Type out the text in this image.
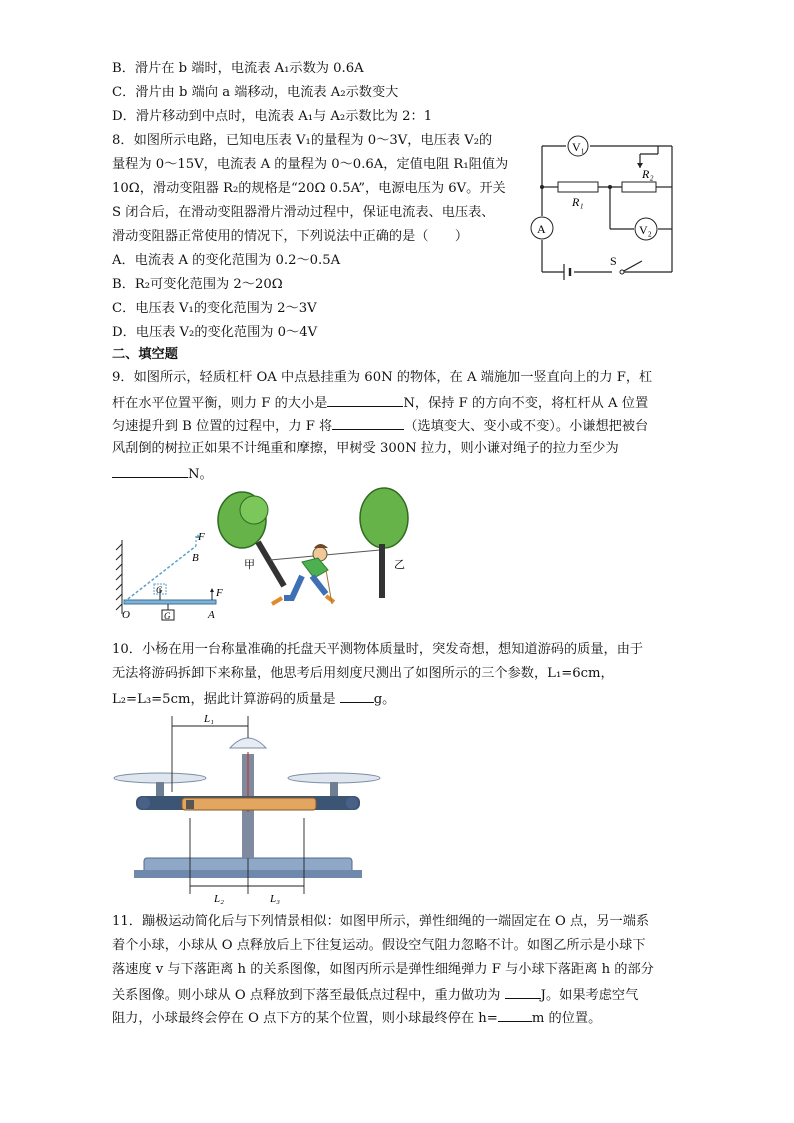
B．滑片在 b 端时，电流表 A₁示数为 0.6A
C．滑片由 b 端向 a 端移动，电流表 A₂示数变大
D．滑片移动到中点时，电流表 A₁与 A₂示数比为 2：1
8．如图所示电路，已知电压表 V₁的量程为 0～3V，电压表 V₂的
量程为 0～15V，电流表 A 的量程为 0～0.6A，定值电阻 R₁阻值为
10Ω，滑动变阻器 R₂的规格是“20Ω 0.5A”，电源电压为 6V。开关
S 闭合后，在滑动变阻器滑片滑动过程中，保证电流表、电压表、
滑动变阻器正常使用的情况下，下列说法中正确的是（　　）
A．电流表 A 的变化范围为 0.2～0.5A
B．R₂可变化范围为 2～20Ω
C．电压表 V₁的变化范围为 2～3V
D．电压表 V₂的变化范围为 0～4V
V₁
A	V₂
R₁
R₂
S
二、填空题
9．如图所示，轻质杠杆 OA 中点悬挂重为 60N 的物体，在 A 端施加一竖直向上的力 F，杠
杆在水平位置平衡，则力 F 的大小是	N，保持 F 的方向不变，将杠杆从 A 位置
匀速提升到 B 位置的过程中，力 F 将	（选填变大、变小或不变）。小谦想把被台
风刮倒的树拉正如果不计绳重和摩擦，甲树受 300N 拉力，则小谦对绳子的拉力至少为
N。
F
B
G
O	A
F
G
甲	乙
10．小杨在用一台称量准确的托盘天平测物体质量时，突发奇想，想知道游码的质量，由于
无法将游码拆卸下来称量，他思考后用刻度尺测出了如图所示的三个参数，L₁=6cm，
L₂=L₃=5cm，据此计算游码的质量是	g。
L₁
L₂	L₃
11．蹦极运动简化后与下列情景相似：如图甲所示，弹性细绳的一端固定在 O 点，另一端系
着个小球，小球从 O 点释放后上下往复运动。假设空气阻力忽略不计。如图乙所示是小球下
落速度 v 与下落距离 h 的关系图像，如图丙所示是弹性细绳弹力 F 与小球下落距离 h 的部分
关系图像。则小球从 O 点释放到下落至最低点过程中，重力做功为	J。如果考虑空气
阻力，小球最终会停在 O 点下方的某个位置，则小球最终停在 h=	m 的位置。
